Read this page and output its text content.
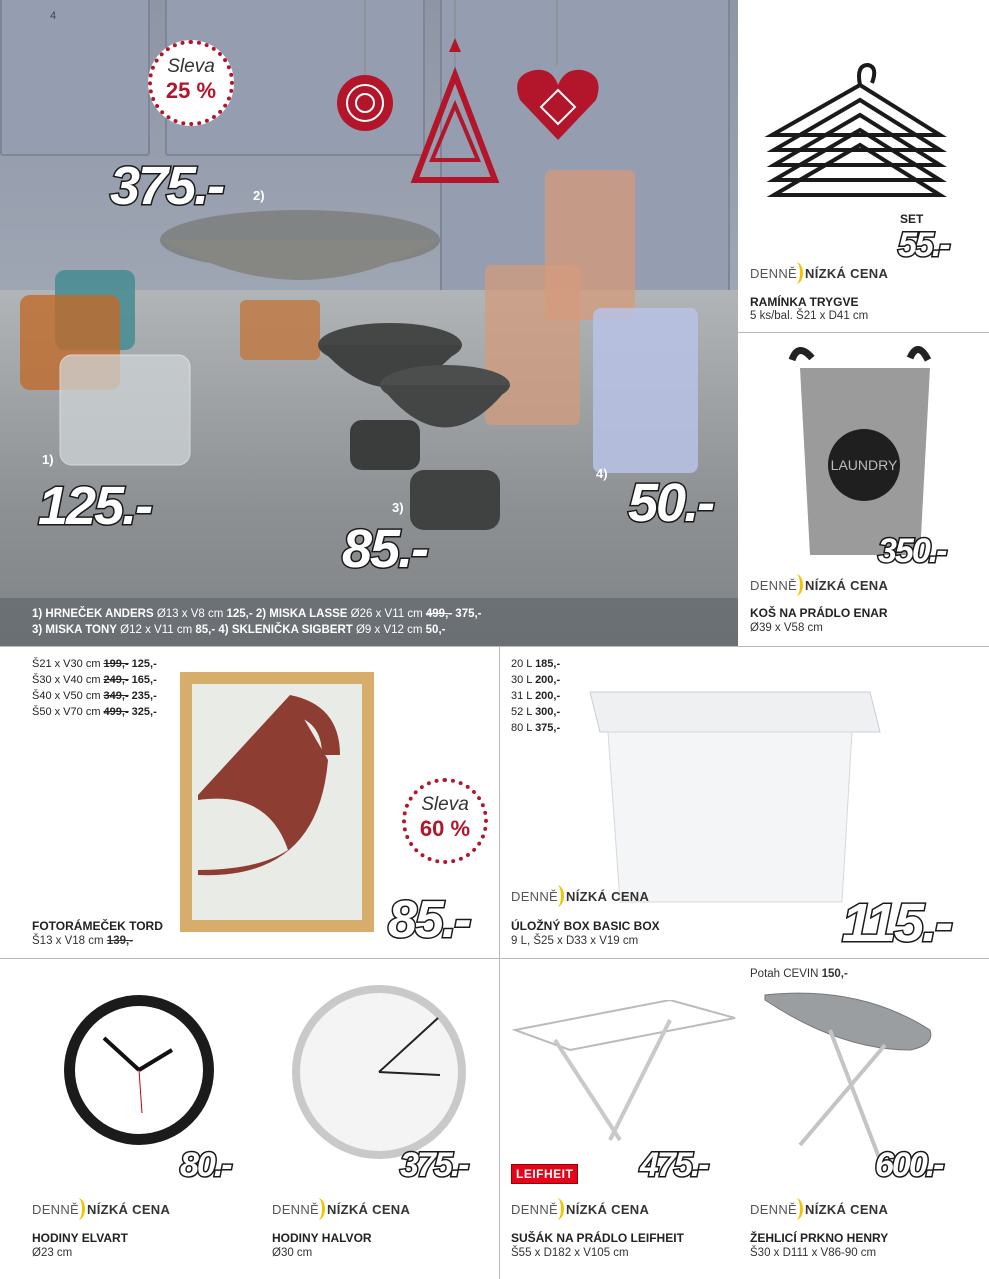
Sleva
25 %
375.- 2)
1)
125.-	3)
85.-
4) 50.-
1) HRNEČEK ANDERS Ø13 x V8 cm 125,- 2) MISKA LASSE Ø26 x V11 cm 499,- 375,-
3) MISKA TONY Ø12 x V11 cm 85,- 4) SKLENIČKA SIGBERT Ø9 x V12 cm 50,-
4
SET
55.-
DENNĚ NÍZKÁ CENA
RAMÍNKA TRYGVE
5 ks/bal. Š21 x D41 cm
LAUNDRY
350.-
DENNĚ NÍZKÁ CENA
KOŠ NA PRÁDLO ENAR
Ø39 x V58 cm
Š21 x V30 cm 199,- 125,-
Š30 x V40 cm 249,- 165,-
Š40 x V50 cm 349,- 235,-
Š50 x V70 cm 499,- 325,-
Sleva
60 %
85.-
FOTORÁMEČEK TORD
Š13 x V18 cm 139,-
20 L 185,-
30 L 200,-
31 L 200,-
52 L 300,-
80 L 375,-
DENNĚ NÍZKÁ CENA	115.-
ÚLOŽNÝ BOX BASIC BOX
9 L, Š25 x D33 x V19 cm
80.-
DENNĚ NÍZKÁ CENA
HODINY ELVART
Ø23 cm
375.-
DENNĚ NÍZKÁ CENA
HODINY HALVOR
Ø30 cm
LEIFHEIT 475.-
DENNĚ NÍZKÁ CENA
SUŠÁK NA PRÁDLO LEIFHEIT
Š55 x D182 x V105 cm
Potah CEVIN 150,-
600.-
DENNĚ NÍZKÁ CENA
ŽEHLICÍ PRKNO HENRY
Š30 x D111 x V86-90 cm
